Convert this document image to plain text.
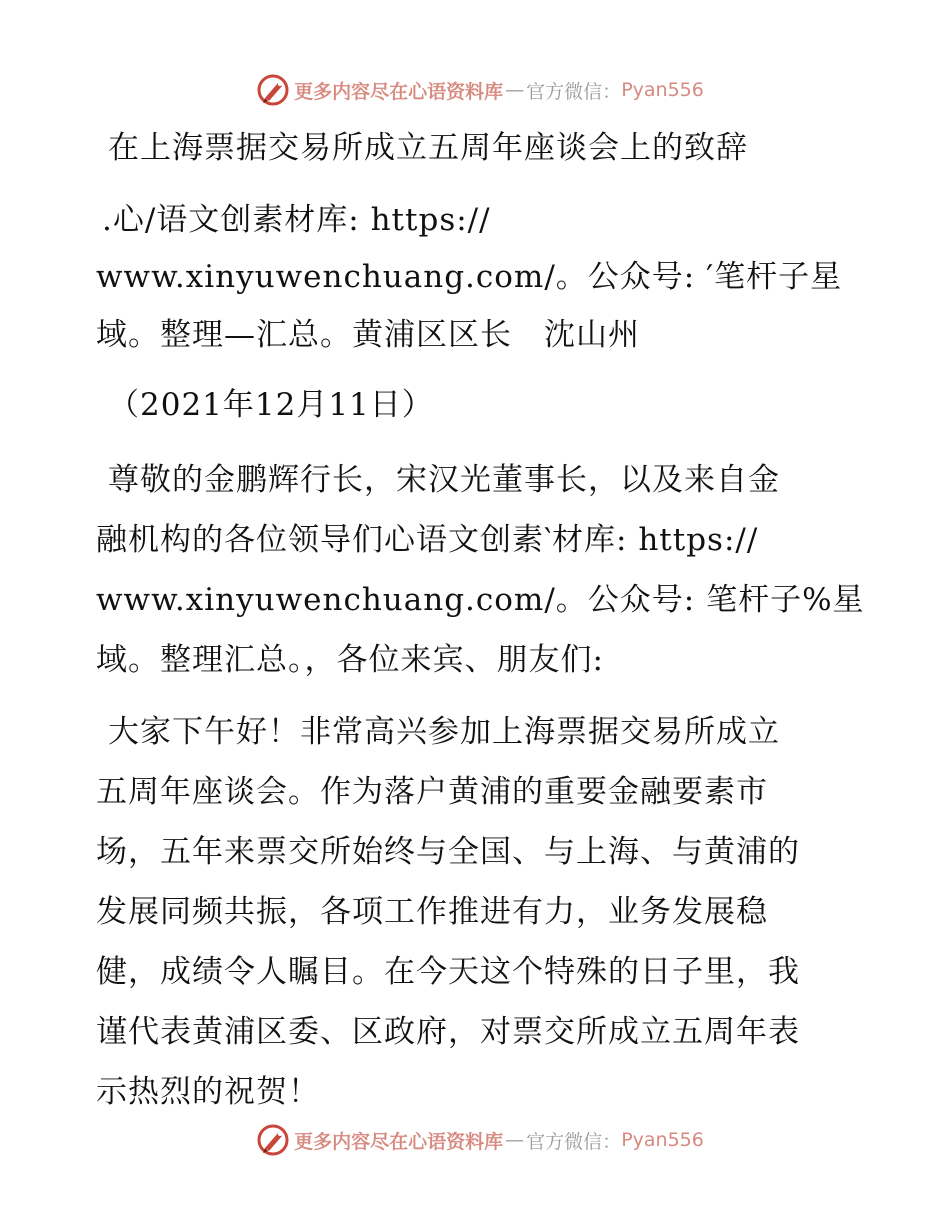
更多内容尽在心语资料库 — 官方微信： Pyan556
在上海票据交易所成立五周年座谈会上的致辞
.心/语文创素材库: https://
www.xinyuwenchuang.com/。公众号: ′笔杆子星
域。整理—汇总。黄浦区区长　沈山州
（2021年12月11日）
尊敬的金鹏辉行长，宋汉光董事长，以及来自金
融机构的各位领导们心语文创素‵材库: https://
www.xinyuwenchuang.com/。公众号: 笔杆子%星
域。整理汇总。，各位来宾、朋友们:
大家下午好！非常高兴参加上海票据交易所成立
五周年座谈会。作为落户黄浦的重要金融要素市
场，五年来票交所始终与全国、与上海、与黄浦的
发展同频共振，各项工作推进有力，业务发展稳
健，成绩令人瞩目。在今天这个特殊的日子里，我
谨代表黄浦区委、区政府，对票交所成立五周年表
示热烈的祝贺！
更多内容尽在心语资料库 — 官方微信： Pyan556
